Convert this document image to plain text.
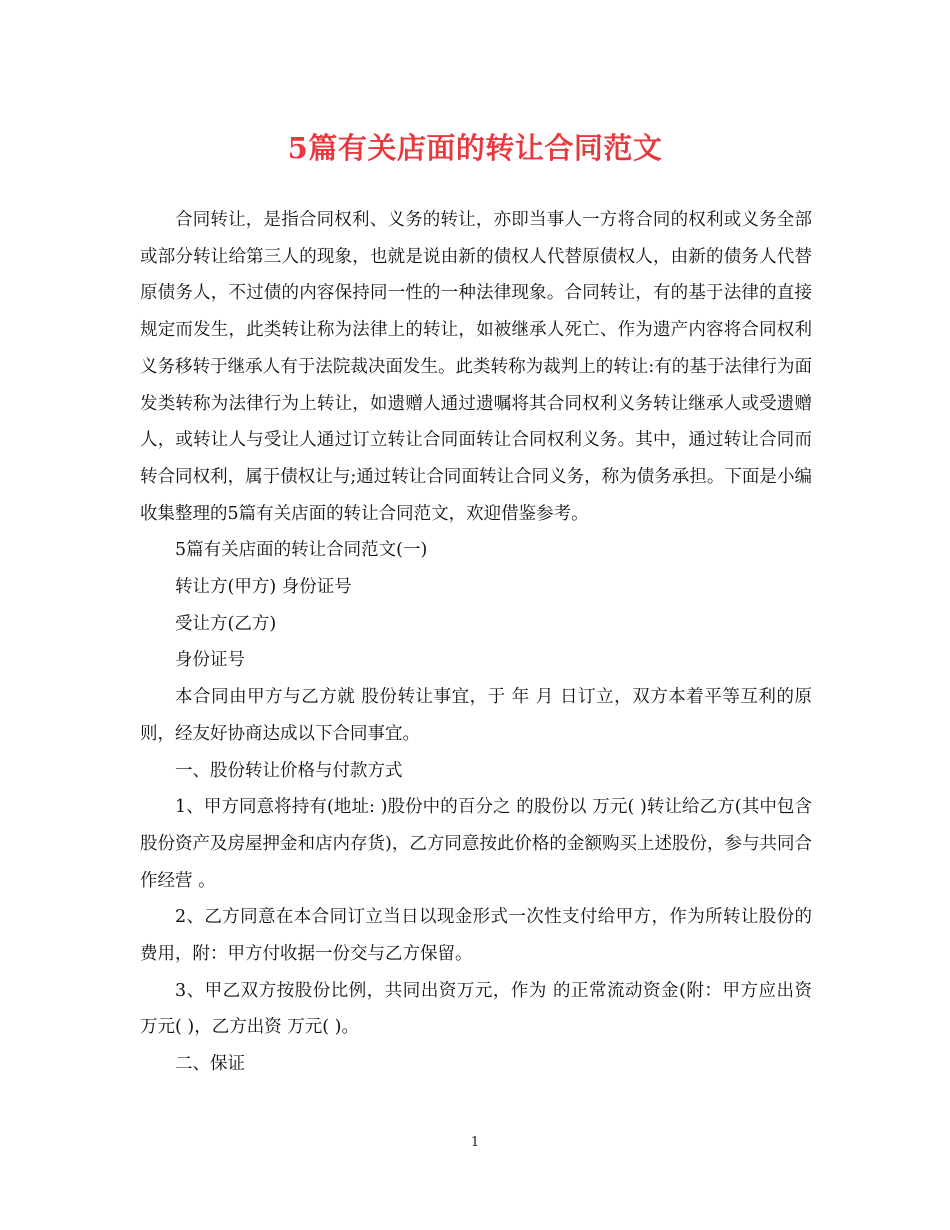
5篇有关店面的转让合同范文

合同转让，是指合同权利、义务的转让，亦即当事人一方将合同的权利或义务全部或部分转让给第三人的现象，也就是说由新的债权人代替原债权人，由新的债务人代替原债务人，不过债的内容保持同一性的一种法律现象。合同转让，有的基于法律的直接规定而发生，此类转让称为法律上的转让，如被继承人死亡、作为遗产内容将合同权利义务移转于继承人有于法院裁决面发生。此类转称为裁判上的转让:有的基于法律行为面发类转称为法律行为上转让，如遗赠人通过遗嘱将其合同权利义务转让继承人或受遗赠人，或转让人与受让人通过订立转让合同面转让合同权利义务。其中，通过转让合同而转合同权利，属于债权让与;通过转让合同面转让合同义务，称为债务承担。下面是小编收集整理的5篇有关店面的转让合同范文，欢迎借鉴参考。

5篇有关店面的转让合同范文(一)

转让方(甲方) 身份证号

受让方(乙方)

身份证号

本合同由甲方与乙方就 股份转让事宜，于 年 月 日订立，双方本着平等互利的原则，经友好协商达成以下合同事宜。

一、股份转让价格与付款方式

1、甲方同意将持有(地址: )股份中的百分之 的股份以 万元( )转让给乙方(其中包含股份资产及房屋押金和店内存货)，乙方同意按此价格的金额购买上述股份，参与共同合作经营 。

2、乙方同意在本合同订立当日以现金形式一次性支付给甲方，作为所转让股份的费用，附：甲方付收据一份交与乙方保留。

3、甲乙双方按股份比例，共同出资万元，作为 的正常流动资金(附：甲方应出资 万元( )，乙方出资 万元( )。

二、保证

1
